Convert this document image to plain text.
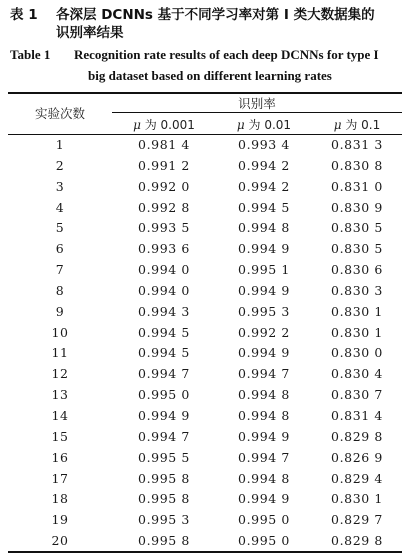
表 1 各深层 DCNNs 基于不同学习率对第 I 类大数据集的
识别率结果
Table 1 Recognition rate results of each deep DCNNs for type I
big dataset based on different learning rates
实验次数
识别率
μ 为 0.001	μ 为 0.01	μ 为 0.1
1	0.981 4	0.993 4	0.831 3
2	0.991 2	0.994 2	0.830 8
3	0.992 0	0.994 2	0.831 0
4	0.992 8	0.994 5	0.830 9
5	0.993 5	0.994 8	0.830 5
6	0.993 6	0.994 9	0.830 5
7	0.994 0	0.995 1	0.830 6
8	0.994 0	0.994 9	0.830 3
9	0.994 3	0.995 3	0.830 1
10	0.994 5	0.992 2	0.830 1
11	0.994 5	0.994 9	0.830 0
12	0.994 7	0.994 7	0.830 4
13	0.995 0	0.994 8	0.830 7
14	0.994 9	0.994 8	0.831 4
15	0.994 7	0.994 9	0.829 8
16	0.995 5	0.994 7	0.826 9
17	0.995 8	0.994 8	0.829 4
18	0.995 8	0.994 9	0.830 1
19	0.995 3	0.995 0	0.829 7
20	0.995 8	0.995 0	0.829 8
